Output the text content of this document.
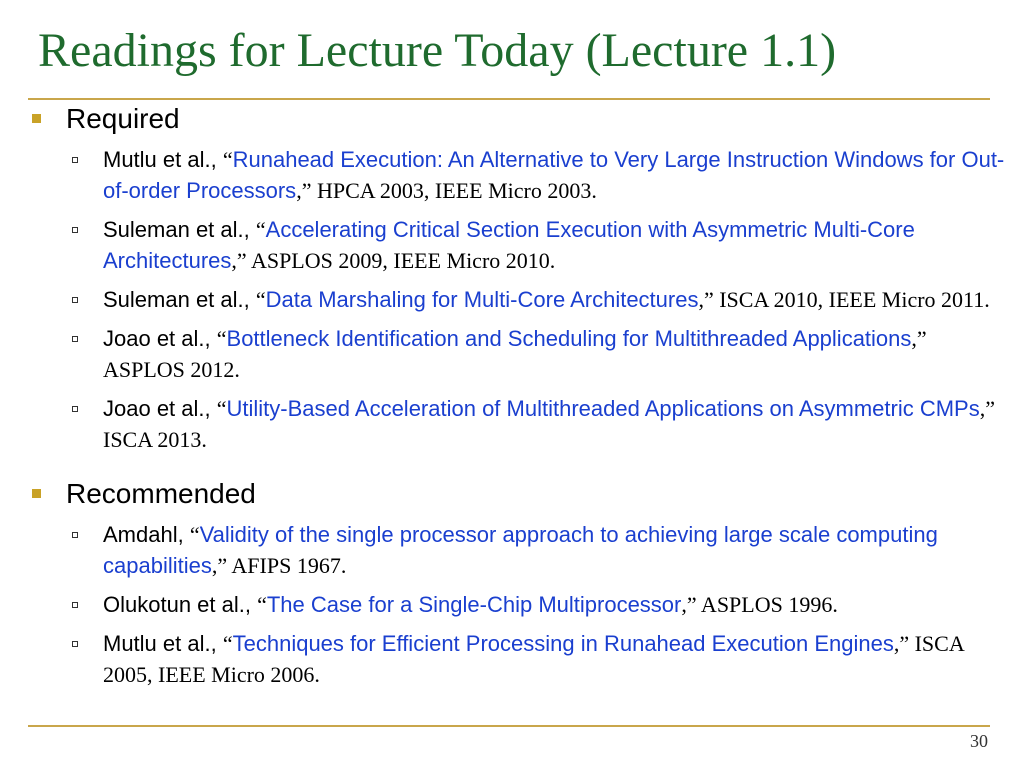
Readings for Lecture Today (Lecture 1.1)
Required
Mutlu et al., “Runahead Execution: An Alternative to Very Large Instruction Windows for Out-of-order Processors,” HPCA 2003, IEEE Micro 2003.
Suleman et al., “Accelerating Critical Section Execution with Asymmetric Multi-Core Architectures,” ASPLOS 2009, IEEE Micro 2010.
Suleman et al., “Data Marshaling for Multi-Core Architectures,” ISCA 2010, IEEE Micro 2011.
Joao et al., “Bottleneck Identification and Scheduling for Multithreaded Applications,” ASPLOS 2012.
Joao et al., “Utility-Based Acceleration of Multithreaded Applications on Asymmetric CMPs,” ISCA 2013.
Recommended
Amdahl, “Validity of the single processor approach to achieving large scale computing capabilities,” AFIPS 1967.
Olukotun et al., “The Case for a Single-Chip Multiprocessor,” ASPLOS 1996.
Mutlu et al., “Techniques for Efficient Processing in Runahead Execution Engines,” ISCA 2005, IEEE Micro 2006.
30
